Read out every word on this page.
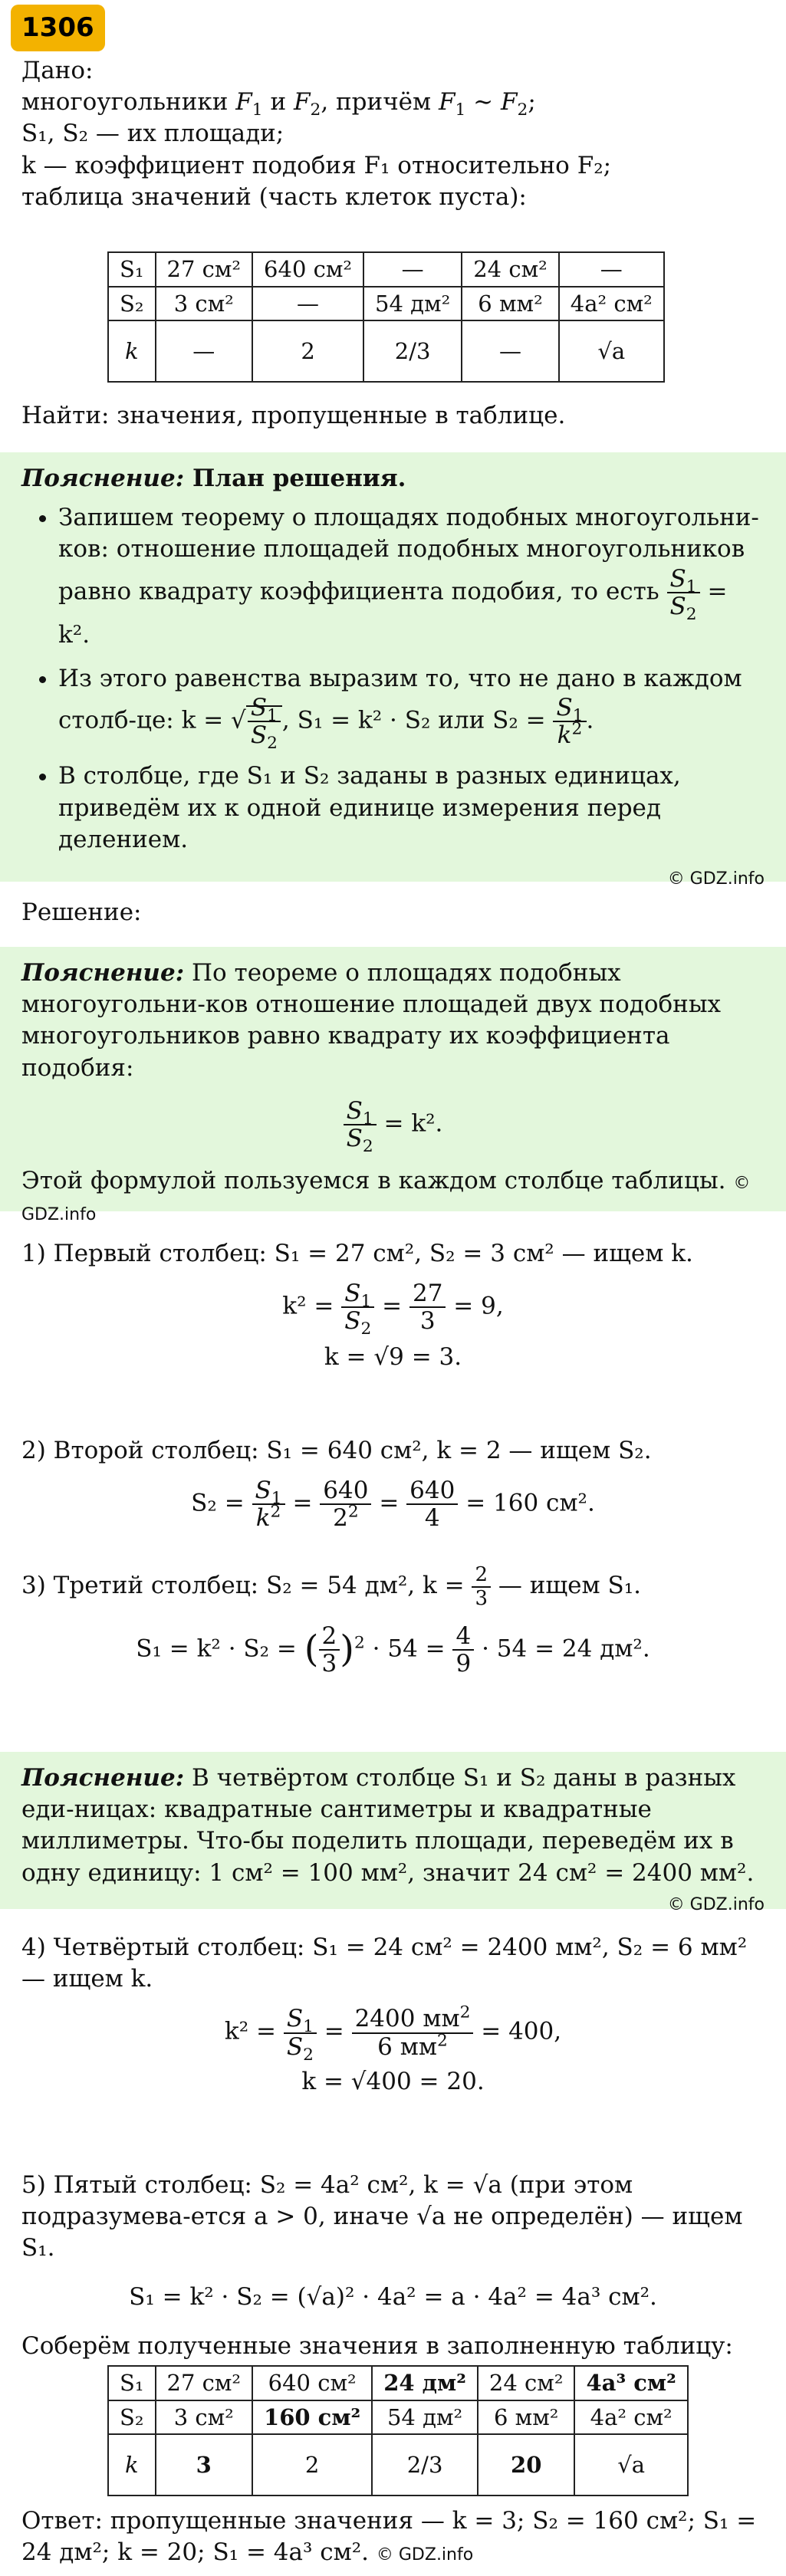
1306
Дано:
многоугольники $F_1$ и $F_2$, причём $F_1$ ∼ $F_2$;
S₁, S₂ — их площади;
k — коэффициент подобия F₁ относительно F₂;
таблица значений (часть клеток пуста):
S₁	27 см²	640 см²	—	24 см²	—
S₂	3 см²	—	54 дм²	6 мм²	4a² см²
k	—	2	2/3	—	√a
Найти: значения, пропущенные в таблице.
Пояснение: План решения.
• Запишем теорему о площадях подобных многоугольни-ков: отношение площадей подобных многоугольников равно квадрату коэффициента подобия, то есть $\frac{S_1}{S_2} = k^2$.
• Из этого равенства выразим то, что не дано в каждом столб-це: k = √ $\frac{S_1}{S_2}$ , S₁ = k² · S₂ или $S_2 = \frac{S_1}{k^2}$ .
• В столбце, где S₁ и S₂ заданы в разных единицах, приведём их к одной единице измерения перед делением.
© GDZ.info
Решение:
Пояснение: По теореме о площадях подобных многоугольни-ков отношение площадей двух подобных многоугольников равно квадрату их коэффициента подобия:
$\frac{S_1}{S_2} = k^2$.
Этой формулой пользуемся в каждом столбце таблицы. © GDZ.info
1) Первый столбец: S₁ = 27 см², S₂ = 3 см² — ищем k.
$k^2 = \frac{S_1}{S_2} = \frac{27}{3} = 9$,
k = √9 = 3.
2) Второй столбец: S₁ = 640 см², k = 2 — ищем S₂.
$S_2 = \frac{S_1}{k^2} = \frac{640}{2^2} = \frac{640}{4} = 160$ см².
3) Третий столбец: S₂ = 54 дм², $k = \frac{2}{3}$ — ищем S₁.
S₁ = k² · S₂ = ( $\frac{2}{3} )^2 \cdot 54 = \frac{4}{9} \cdot 54 = 24$ дм².
Пояснение: В четвёртом столбце S₁ и S₂ даны в разных еди-ницах: квадратные сантиметры и квадратные миллиметры. Что-бы поделить площади, переведём их в одну единицу: 1 см² = 100 мм², значит 24 см² = 2400 мм².
© GDZ.info
4) Четвёртый столбец: S₁ = 24 см² = 2400 мм², S₂ = 6 мм² — ищем k.
$k^2 = \frac{S_1}{S_2} = \frac{2400 мм^2}{6 мм^2} = 400$,
k = √400 = 20.
5) Пятый столбец: S₂ = 4a² см², k = √a (при этом подразумева-ется a > 0, иначе √a не определён) — ищем S₁.
S₁ = k² · S₂ = (√a)² · 4a² = a · 4a² = 4a³ см².
Соберём полученные значения в заполненную таблицу:
S₁	27 см²	640 см²	24 дм²	24 см²	4a³ см²
S₂	3 см²	160 см²	54 дм²	6 мм²	4a² см²
k	3	2	2/3	20	√a
Ответ: пропущенные значения — k = 3; S₂ = 160 см²; S₁ = 24 дм²; k = 20; S₁ = 4a³ см². © GDZ.info
